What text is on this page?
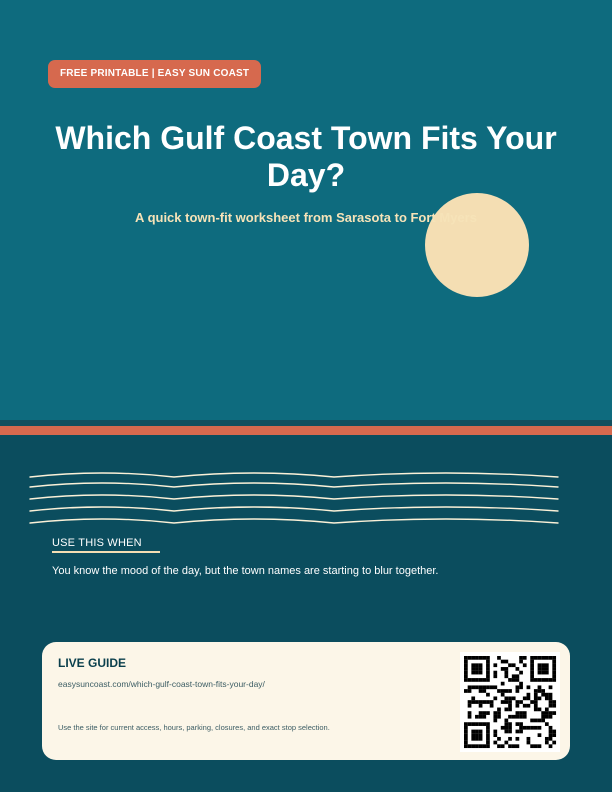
FREE PRINTABLE | EASY SUN COAST
Which Gulf Coast Town Fits Your Day?

A quick town-fit worksheet from Sarasota to Fort Myers

USE THIS WHEN
You know the mood of the day, but the town names are starting to blur together.
LIVE GUIDE
easysuncoast.com/which-gulf-coast-town-fits-your-day/
Use the site for current access, hours, parking, closures, and exact stop selection.
